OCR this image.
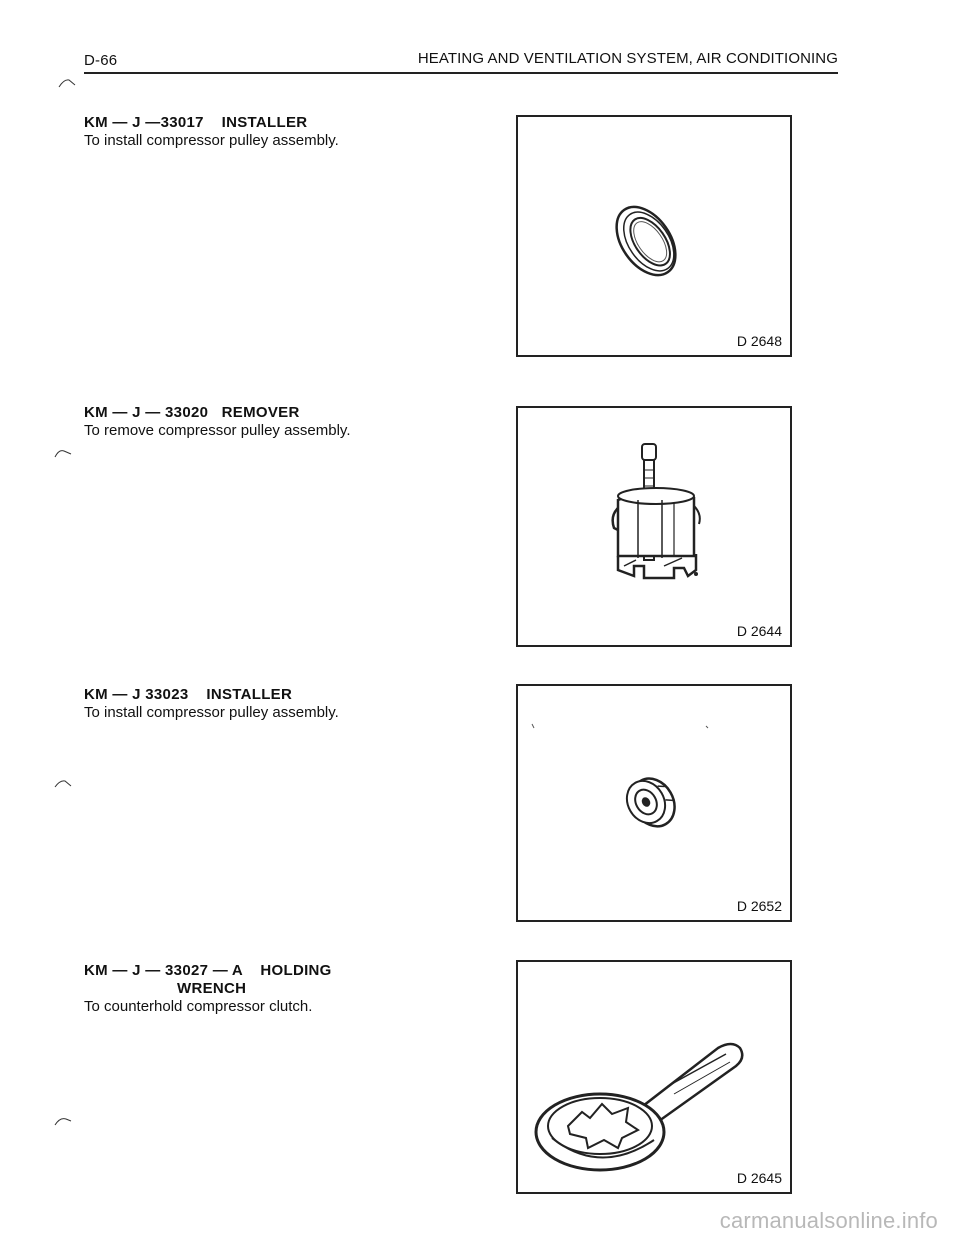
D-66	HEATING AND VENTILATION SYSTEM, AIR CONDITIONING
KM — J —33017    INSTALLER
To install compressor pulley assembly.
D 2648
KM — J — 33020   REMOVER
To remove compressor pulley assembly.
D 2644
KM — J 33023    INSTALLER
To install compressor pulley assembly.
D 2652
KM — J — 33027 — A    HOLDING
WRENCH
To counterhold compressor clutch.
D 2645
carmanualsonline.info
